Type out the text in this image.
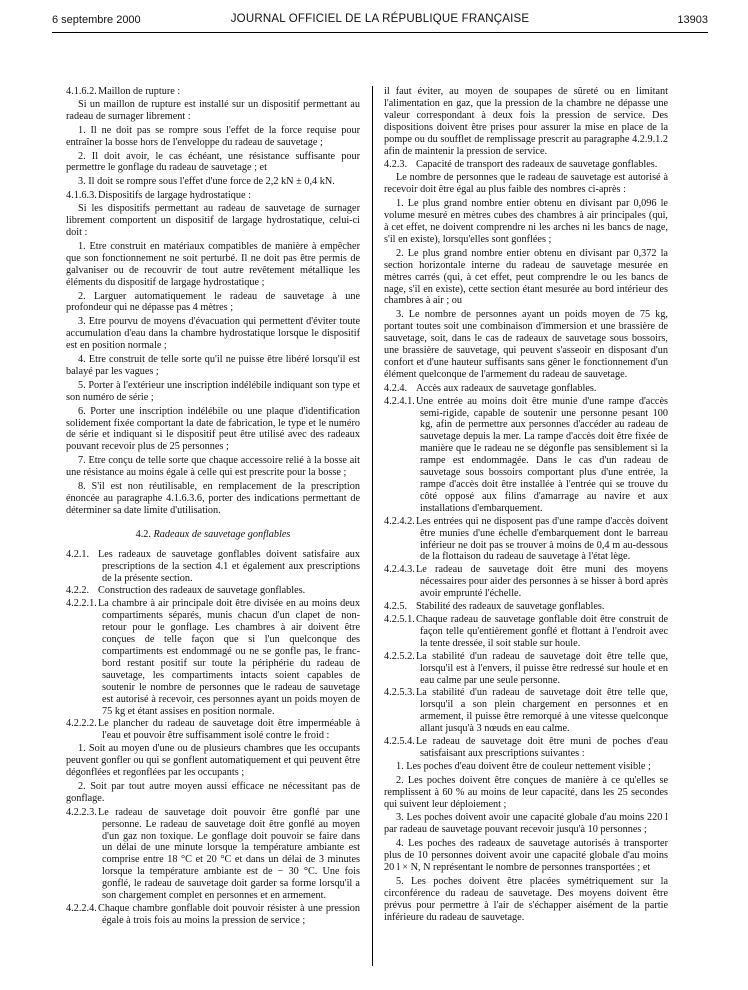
6 septembre 2000	JOURNAL OFFICIEL DE LA RÉPUBLIQUE FRANÇAISE	13903
4.1.6.2.Maillon de rupture :
Si un maillon de rupture est installé sur un dispositif permettant au radeau de surnager librement :
1. Il ne doit pas se rompre sous l'effet de la force requise pour entraîner la bosse hors de l'enveloppe du radeau de sauvetage ;
2. Il doit avoir, le cas échéant, une résistance suffisante pour permettre le gonflage du radeau de sauvetage ; et
3. Il doit se rompre sous l'effet d'une force de 2,2 kN ± 0,4 kN.
4.1.6.3.Dispositifs de largage hydrostatique :
Si les dispositifs permettant au radeau de sauvetage de surnager librement comportent un dispositif de largage hydrostatique, celui-ci doit :
1. Etre construit en matériaux compatibles de manière à empêcher que son fonctionnement ne soit perturbé. Il ne doit pas être permis de galvaniser ou de recouvrir de tout autre revêtement métallique les éléments du dispositif de largage hydrostatique ;
2. Larguer automatiquement le radeau de sauvetage à une profondeur qui ne dépasse pas 4 mètres ;
3. Etre pourvu de moyens d'évacuation qui permettent d'éviter toute accumulation d'eau dans la chambre hydrostatique lorsque le dispositif est en position normale ;
4. Etre construit de telle sorte qu'il ne puisse être libéré lorsqu'il est balayé par les vagues ;
5. Porter à l'extérieur une inscription indélébile indiquant son type et son numéro de série ;
6. Porter une inscription indélébile ou une plaque d'identification solidement fixée comportant la date de fabrication, le type et le numéro de série et indiquant si le dispositif peut être utilisé avec des radeaux pouvant recevoir plus de 25 personnes ;
7. Etre conçu de telle sorte que chaque accessoire relié à la bosse ait une résistance au moins égale à celle qui est prescrite pour la bosse ;
8. S'il est non réutilisable, en remplacement de la prescription énoncée au paragraphe 4.1.6.3.6, porter des indications permettant de déterminer sa date limite d'utilisation.
4.2. Radeaux de sauvetage gonflables
4.2.1. Les radeaux de sauvetage gonflables doivent satisfaire aux prescriptions de la section 4.1 et également aux prescriptions de la présente section.
4.2.2. Construction des radeaux de sauvetage gonflables.
4.2.2.1.La chambre à air principale doit être divisée en au moins deux compartiments séparés, munis chacun d'un clapet de non-retour pour le gonflage. Les chambres à air doivent être conçues de telle façon que si l'un quelconque des compartiments est endommagé ou ne se gonfle pas, le franc-bord restant positif sur toute la périphérie du radeau de sauvetage, les compartiments intacts soient capables de soutenir le nombre de personnes que le radeau de sauvetage est autorisé à recevoir, ces personnes ayant un poids moyen de 75 kg et étant assises en position normale.
4.2.2.2.Le plancher du radeau de sauvetage doit être imperméable à l'eau et pouvoir être suffisamment isolé contre le froid :
1. Soit au moyen d'une ou de plusieurs chambres que les occupants peuvent gonfler ou qui se gonflent automatiquement et qui peuvent être dégonflées et regonflées par les occupants ;
2. Soit par tout autre moyen aussi efficace ne nécessitant pas de gonflage.
4.2.2.3.Le radeau de sauvetage doit pouvoir être gonflé par une personne. Le radeau de sauvetage doit être gonflé au moyen d'un gaz non toxique. Le gonflage doit pouvoir se faire dans un délai de une minute lorsque la température ambiante est comprise entre 18 °C et 20 °C et dans un délai de 3 minutes lorsque la température ambiante est de − 30 °C. Une fois gonflé, le radeau de sauvetage doit garder sa forme lorsqu'il a son chargement complet en personnes et en armement.
4.2.2.4.Chaque chambre gonflable doit pouvoir résister à une pression égale à trois fois au moins la pression de service ;
il faut éviter, au moyen de soupapes de sûreté ou en limitant l'alimentation en gaz, que la pression de la chambre ne dépasse une valeur correspondant à deux fois la pression de service. Des dispositions doivent être prises pour assurer la mise en place de la pompe ou du soufflet de remplissage prescrit au paragraphe 4.2.9.1.2 afin de maintenir la pression de service.
4.2.3. Capacité de transport des radeaux de sauvetage gonflables.
Le nombre de personnes que le radeau de sauvetage est autorisé à recevoir doit être égal au plus faible des nombres ci-après :
1. Le plus grand nombre entier obtenu en divisant par 0,096 le volume mesuré en mètres cubes des chambres à air principales (qui, à cet effet, ne doivent comprendre ni les arches ni les bancs de nage, s'il en existe), lorsqu'elles sont gonflées ;
2. Le plus grand nombre entier obtenu en divisant par 0,372 la section horizontale interne du radeau de sauvetage mesurée en mètres carrés (qui, à cet effet, peut comprendre le ou les bancs de nage, s'il en existe), cette section étant mesurée au bord intérieur des chambres à air ; ou
3. Le nombre de personnes ayant un poids moyen de 75 kg, portant toutes soit une combinaison d'immersion et une brassière de sauvetage, soit, dans le cas de radeaux de sauvetage sous bossoirs, une brassière de sauvetage, qui peuvent s'asseoir en disposant d'un confort et d'une hauteur suffisants sans gêner le fonctionnement d'un élément quelconque de l'armement du radeau de sauvetage.
4.2.4. Accès aux radeaux de sauvetage gonflables.
4.2.4.1.Une entrée au moins doit être munie d'une rampe d'accès semi-rigide, capable de soutenir une personne pesant 100 kg, afin de permettre aux personnes d'accéder au radeau de sauvetage depuis la mer. La rampe d'accès doit être fixée de manière que le radeau ne se dégonfle pas sensiblement si la rampe est endommagée. Dans le cas d'un radeau de sauvetage sous bossoirs comportant plus d'une entrée, la rampe d'accès doit être installée à l'entrée qui se trouve du côté opposé aux filins d'amarrage au navire et aux installations d'embarquement.
4.2.4.2.Les entrées qui ne disposent pas d'une rampe d'accès doivent être munies d'une échelle d'embarquement dont le barreau inférieur ne doit pas se trouver à moins de 0,4 m au-dessous de la flottaison du radeau de sauvetage à l'état lège.
4.2.4.3.Le radeau de sauvetage doit être muni des moyens nécessaires pour aider des personnes à se hisser à bord après avoir emprunté l'échelle.
4.2.5. Stabilité des radeaux de sauvetage gonflables.
4.2.5.1.Chaque radeau de sauvetage gonflable doit être construit de façon telle qu'entièrement gonflé et flottant à l'endroit avec la tente dressée, il soit stable sur houle.
4.2.5.2.La stabilité d'un radeau de sauvetage doit être telle que, lorsqu'il est à l'envers, il puisse être redressé sur houle et en eau calme par une seule personne.
4.2.5.3.La stabilité d'un radeau de sauvetage doit être telle que, lorsqu'il a son plein chargement en personnes et en armement, il puisse être remorqué à une vitesse quelconque allant jusqu'à 3 nœuds en eau calme.
4.2.5.4.Le radeau de sauvetage doit être muni de poches d'eau satisfaisant aux prescriptions suivantes :
1. Les poches d'eau doivent être de couleur nettement visible ;
2. Les poches doivent être conçues de manière à ce qu'elles se remplissent à 60 % au moins de leur capacité, dans les 25 secondes qui suivent leur déploiement ;
3. Les poches doivent avoir une capacité globale d'au moins 220 l par radeau de sauvetage pouvant recevoir jusqu'à 10 personnes ;
4. Les poches des radeaux de sauvetage autorisés à transporter plus de 10 personnes doivent avoir une capacité globale d'au moins 20 l × N, N représentant le nombre de personnes transportées ; et
5. Les poches doivent être placées symétriquement sur la circonférence du radeau de sauvetage. Des moyens doivent être prévus pour permettre à l'air de s'échapper aisément de la partie inférieure du radeau de sauvetage.
